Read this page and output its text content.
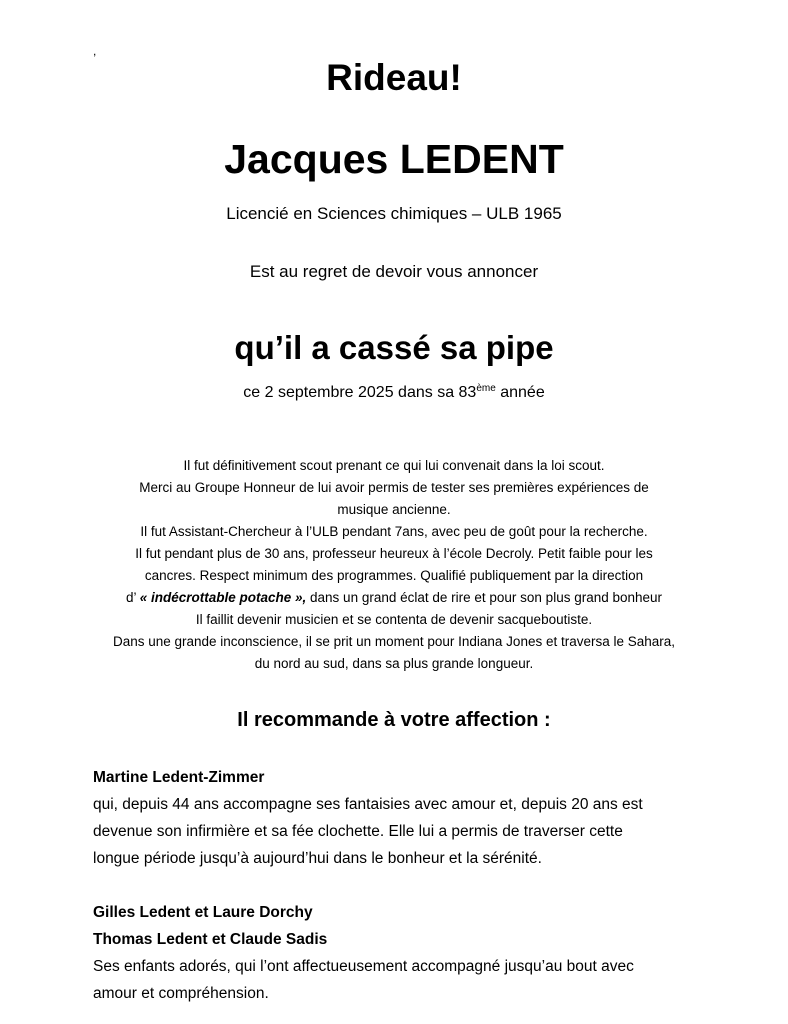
,

Rideau!
Jacques LEDENT

Licencié en Sciences chimiques – ULB 1965

Est au regret de devoir vous annoncer

qu’il a cassé sa pipe

ce 2 septembre 2025 dans sa 83ème année

Il fut définitivement scout prenant ce qui lui convenait dans la loi scout.
Merci au Groupe Honneur de lui avoir permis de tester ses premières expériences de
musique ancienne.
Il fut Assistant-Chercheur à l’ULB pendant 7ans, avec peu de goût pour la recherche.
Il fut pendant plus de 30 ans, professeur heureux à l’école Decroly. Petit faible pour les
cancres. Respect minimum des programmes. Qualifié publiquement par la direction
d’ « indécrottable potache », dans un grand éclat de rire et pour son plus grand bonheur
Il faillit devenir musicien et se contenta de devenir sacqueboutiste.
Dans une grande inconscience, il se prit un moment pour Indiana Jones et traversa le Sahara,
du nord au sud, dans sa plus grande longueur.
Il recommande à votre affection :
Martine Ledent-Zimmer
qui, depuis 44 ans accompagne ses fantaisies avec amour et, depuis 20 ans est
devenue son infirmière et sa fée clochette. Elle lui a permis de traverser cette
longue période jusqu’à aujourd’hui dans le bonheur et la sérénité.
Gilles Ledent et Laure Dorchy
Thomas Ledent et Claude Sadis
Ses enfants adorés, qui l’ont affectueusement accompagné jusqu’au bout avec
amour et compréhension.
